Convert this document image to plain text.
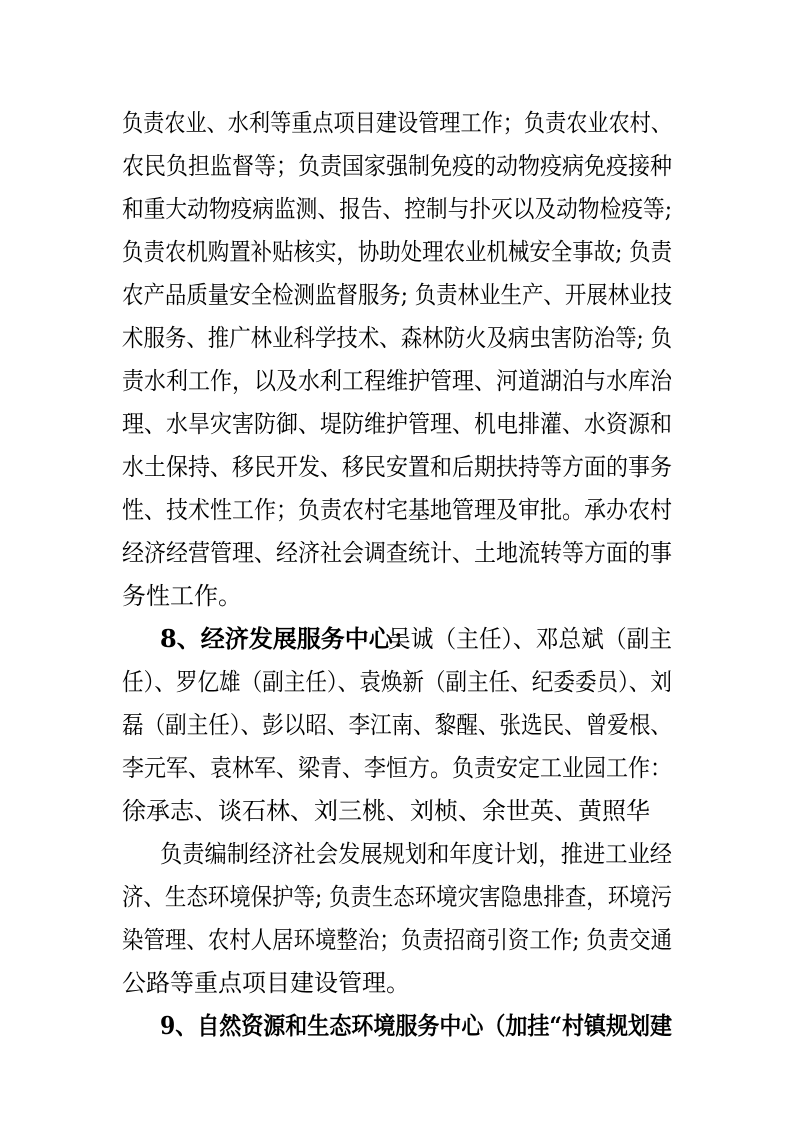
负责农业、水利等重点项目建设管理工作；负责农业农村、
农民负担监督等；负责国家强制免疫的动物疫病免疫接种
和重大动物疫病监测、报告、控制与扑灭以及动物检疫等;
负责农机购置补贴核实，协助处理农业机械安全事故; 负责
农产品质量安全检测监督服务; 负责林业生产、开展林业技
术服务、推广林业科学技术、森林防火及病虫害防治等; 负
责水利工作，以及水利工程维护管理、河道湖泊与水库治
理、水旱灾害防御、堤防维护管理、机电排灌、水资源和
水土保持、移民开发、移民安置和后期扶持等方面的事务
性、技术性工作；负责农村宅基地管理及审批。承办农村
经济经营管理、经济社会调查统计、土地流转等方面的事
务性工作。
8、经济发展服务中心：
吴诚（主任）、邓总斌（副主
任）、罗亿雄（副主任）、袁焕新（副主任、纪委委员）、刘
磊（副主任）、彭以昭、李江南、黎醒、张选民、曾爱根、
李元军、袁林军、梁青、李恒方。负责安定工业园工作：
徐承志、谈石林、刘三桃、刘桢、余世英、黄照华
负责编制经济社会发展规划和年度计划，推进工业经
济、生态环境保护等; 负责生态环境灾害隐患排查，环境污
染管理、农村人居环境整治；负责招商引资工作; 负责交通
公路等重点项目建设管理。
9、自然资源和生态环境服务中心（加挂“村镇规划建
